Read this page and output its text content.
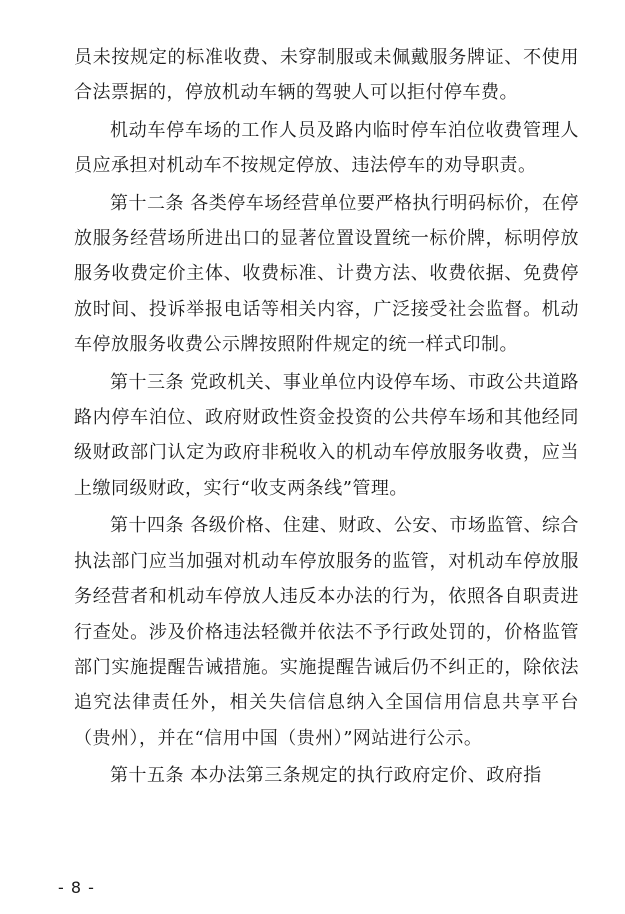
员未按规定的标准收费、未穿制服或未佩戴服务牌证、不使用合法票据的，停放机动车辆的驾驶人可以拒付停车费。

机动车停车场的工作人员及路内临时停车泊位收费管理人员应承担对机动车不按规定停放、违法停车的劝导职责。

第十二条 各类停车场经营单位要严格执行明码标价，在停放服务经营场所进出口的显著位置设置统一标价牌，标明停放服务收费定价主体、收费标准、计费方法、收费依据、免费停放时间、投诉举报电话等相关内容，广泛接受社会监督。机动车停放服务收费公示牌按照附件规定的统一样式印制。

第十三条 党政机关、事业单位内设停车场、市政公共道路路内停车泊位、政府财政性资金投资的公共停车场和其他经同级财政部门认定为政府非税收入的机动车停放服务收费，应当上缴同级财政，实行“收支两条线”管理。

第十四条 各级价格、住建、财政、公安、市场监管、综合执法部门应当加强对机动车停放服务的监管，对机动车停放服务经营者和机动车停放人违反本办法的行为，依照各自职责进行查处。涉及价格违法轻微并依法不予行政处罚的，价格监管部门实施提醒告诫措施。实施提醒告诫后仍不纠正的，除依法追究法律责任外，相关失信信息纳入全国信用信息共享平台（贵州），并在“信用中国（贵州）”网站进行公示。

第十五条 本办法第三条规定的执行政府定价、政府指

- 8 -
